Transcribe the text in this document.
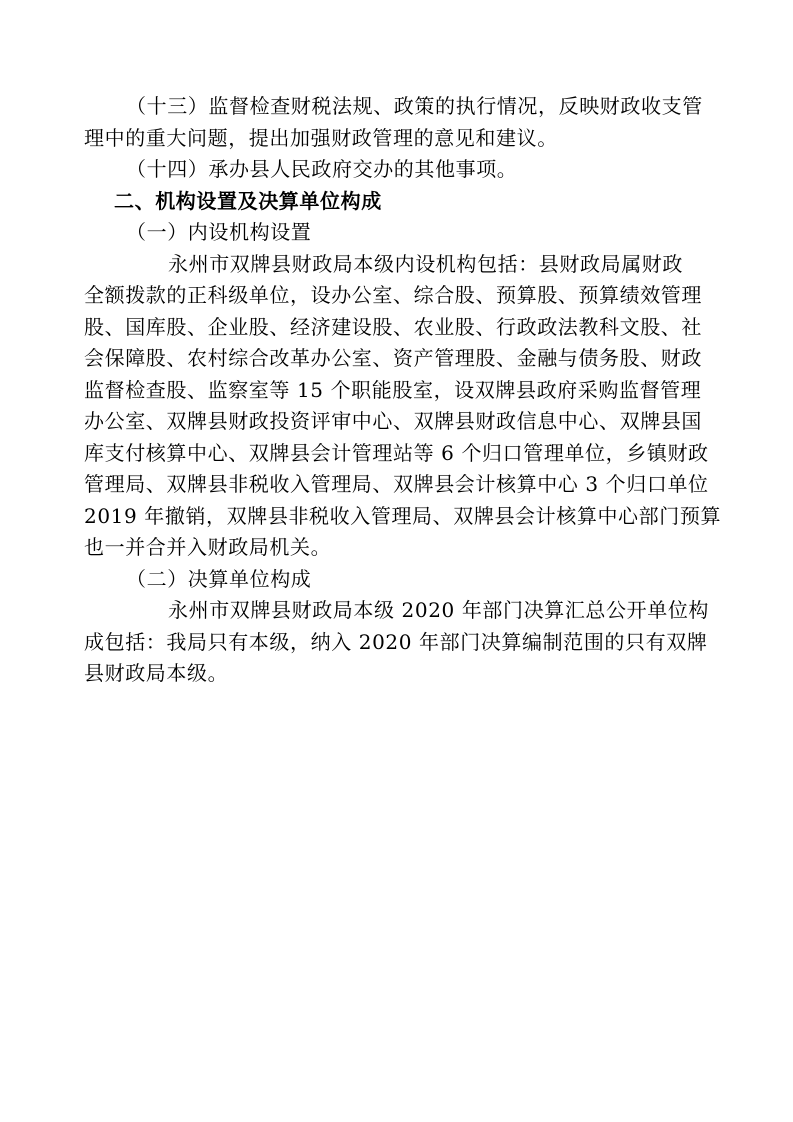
（十三）监督检查财税法规、政策的执行情况，反映财政收支管
理中的重大问题，提出加强财政管理的意见和建议。
（十四）承办县人民政府交办的其他事项。
二、机构设置及决算单位构成
（一）内设机构设置
永州市双牌县财政局本级内设机构包括：县财政局属财政
全额拨款的正科级单位，设办公室、综合股、预算股、预算绩效管理
股、国库股、企业股、经济建设股、农业股、行政政法教科文股、社
会保障股、农村综合改革办公室、资产管理股、金融与债务股、财政
监督检查股、监察室等 15 个职能股室，设双牌县政府采购监督管理
办公室、双牌县财政投资评审中心、双牌县财政信息中心、双牌县国
库支付核算中心、双牌县会计管理站等 6 个归口管理单位，乡镇财政
管理局、双牌县非税收入管理局、双牌县会计核算中心 3 个归口单位
2019 年撤销，双牌县非税收入管理局、双牌县会计核算中心部门预算
也一并合并入财政局机关。
（二）决算单位构成
永州市双牌县财政局本级 2020 年部门决算汇总公开单位构
成包括：我局只有本级，纳入 2020 年部门决算编制范围的只有双牌
县财政局本级。
